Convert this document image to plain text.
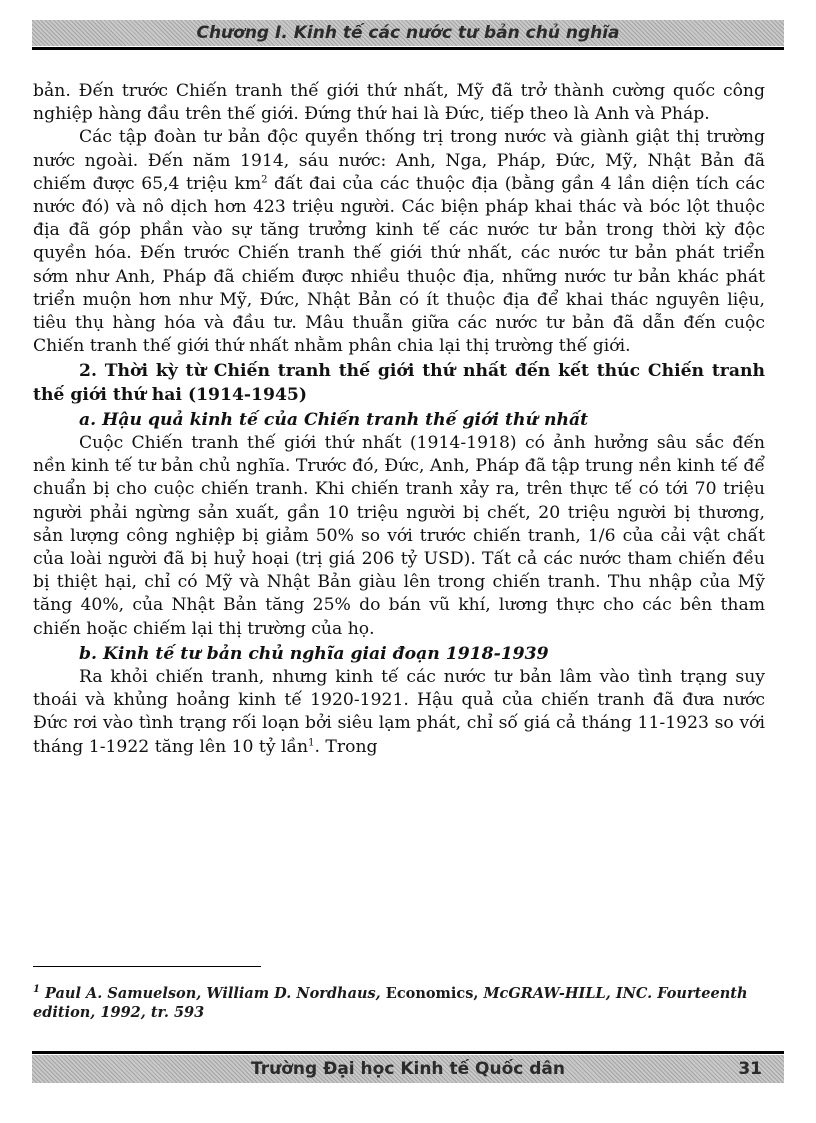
Chương I. Kinh tế các nước tư bản chủ nghĩa

bản. Đến trước Chiến tranh thế giới thứ nhất, Mỹ đã trở thành cường quốc công nghiệp hàng đầu trên thế giới. Đứng thứ hai là Đức, tiếp theo là Anh và Pháp.

Các tập đoàn tư bản độc quyền thống trị trong nước và giành giật thị trường nước ngoài. Đến năm 1914, sáu nước: Anh, Nga, Pháp, Đức, Mỹ, Nhật Bản đã chiếm được 65,4 triệu $km^2$ đất đai của các thuộc địa (bằng gần 4 lần diện tích các nước đó) và nô dịch hơn 423 triệu người. Các biện pháp khai thác và bóc lột thuộc địa đã góp phần vào sự tăng trưởng kinh tế các nước tư bản trong thời kỳ độc quyền hóa. Đến trước Chiến tranh thế giới thứ nhất, các nước tư bản phát triển sớm như Anh, Pháp đã chiếm được nhiều thuộc địa, những nước tư bản khác phát triển muộn hơn như Mỹ, Đức, Nhật Bản có ít thuộc địa để khai thác nguyên liệu, tiêu thụ hàng hóa và đầu tư. Mâu thuẫn giữa các nước tư bản đã dẫn đến cuộc Chiến tranh thế giới thứ nhất nhằm phân chia lại thị trường thế giới.

2. Thời kỳ từ Chiến tranh thế giới thứ nhất đến kết thúc Chiến tranh thế giới thứ hai (1914-1945)

a. Hậu quả kinh tế của Chiến tranh thế giới thứ nhất

Cuộc Chiến tranh thế giới thứ nhất (1914-1918) có ảnh hưởng sâu sắc đến nền kinh tế tư bản chủ nghĩa. Trước đó, Đức, Anh, Pháp đã tập trung nền kinh tế để chuẩn bị cho cuộc chiến tranh. Khi chiến tranh xảy ra, trên thực tế có tới 70 triệu người phải ngừng sản xuất, gần 10 triệu người bị chết, 20 triệu người bị thương, sản lượng công nghiệp bị giảm 50% so với trước chiến tranh, 1/6 của cải vật chất của loài người đã bị huỷ hoại (trị giá 206 tỷ USD). Tất cả các nước tham chiến đều bị thiệt hại, chỉ có Mỹ và Nhật Bản giàu lên trong chiến tranh. Thu nhập của Mỹ tăng 40%, của Nhật Bản tăng 25% do bán vũ khí, lương thực cho các bên tham chiến hoặc chiếm lại thị trường của họ.

b. Kinh tế tư bản chủ nghĩa giai đoạn 1918-1939

Ra khỏi chiến tranh, nhưng kinh tế các nước tư bản lâm vào tình trạng suy thoái và khủng hoảng kinh tế 1920-1921. Hậu quả của chiến tranh đã đưa nước Đức rơi vào tình trạng rối loạn bởi siêu lạm phát, chỉ số giá cả tháng 11-1923 so với tháng 1-1922 tăng lên 10 tỷ lần$^1$. Trong

$^1$ Paul A. Samuelson, William D. Nordhaus, Economics, McGRAW-HILL, INC. Fourteenth edition, 1992, tr. 593
Trường Đại học Kinh tế Quốc dân	31
